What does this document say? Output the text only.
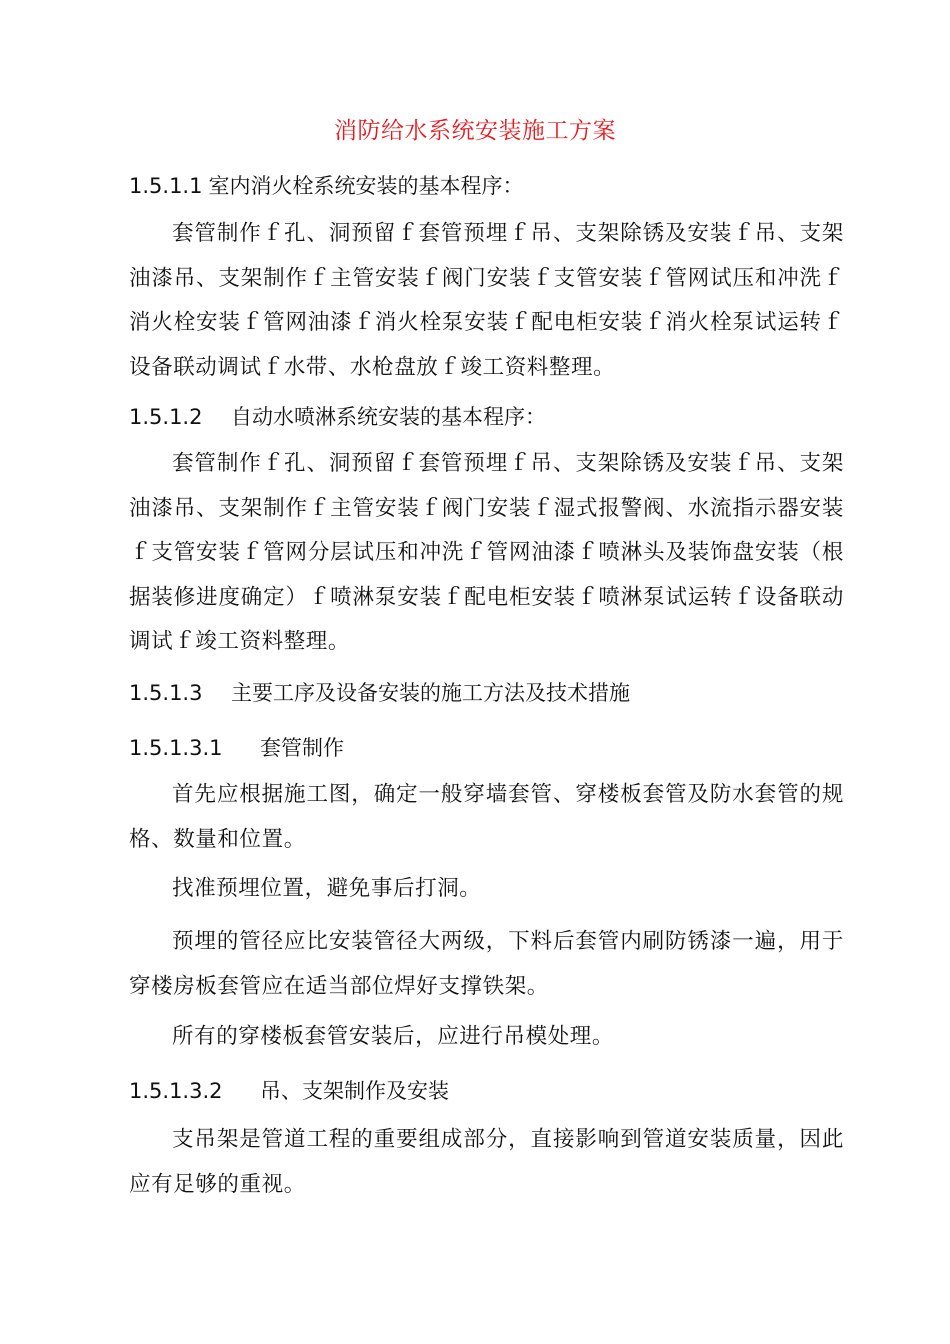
消防给水系统安装施工方案
1.5.1.1 室内消火栓系统安装的基本程序：
套管制作ｆ孔、洞预留ｆ套管预埋ｆ吊、支架除锈及安装ｆ吊、支架油漆吊、支架制作ｆ主管安装ｆ阀门安装ｆ支管安装ｆ管网试压和冲洗ｆ消火栓安装ｆ管网油漆ｆ消火栓泵安装ｆ配电柜安装ｆ消火栓泵试运转ｆ设备联动调试ｆ水带、水枪盘放ｆ竣工资料整理。
1.5.1.2 自动水喷淋系统安装的基本程序：
套管制作ｆ孔、洞预留ｆ套管预埋ｆ吊、支架除锈及安装ｆ吊、支架油漆吊、支架制作ｆ主管安装ｆ阀门安装ｆ湿式报警阀、水流指示器安装ｆ支管安装ｆ管网分层试压和冲洗ｆ管网油漆ｆ喷淋头及装饰盘安装（根据装修进度确定）ｆ喷淋泵安装ｆ配电柜安装ｆ喷淋泵试运转ｆ设备联动调试ｆ竣工资料整理。
1.5.1.3 主要工序及设备安装的施工方法及技术措施
1.5.1.3.1 套管制作
首先应根据施工图，确定一般穿墙套管、穿楼板套管及防水套管的规格、数量和位置。
找准预埋位置，避免事后打洞。
预埋的管径应比安装管径大两级，下料后套管内刷防锈漆一遍，用于穿楼房板套管应在适当部位焊好支撑铁架。
所有的穿楼板套管安装后，应进行吊模处理。
1.5.1.3.2 吊、支架制作及安装
支吊架是管道工程的重要组成部分，直接影响到管道安装质量，因此应有足够的重视。
